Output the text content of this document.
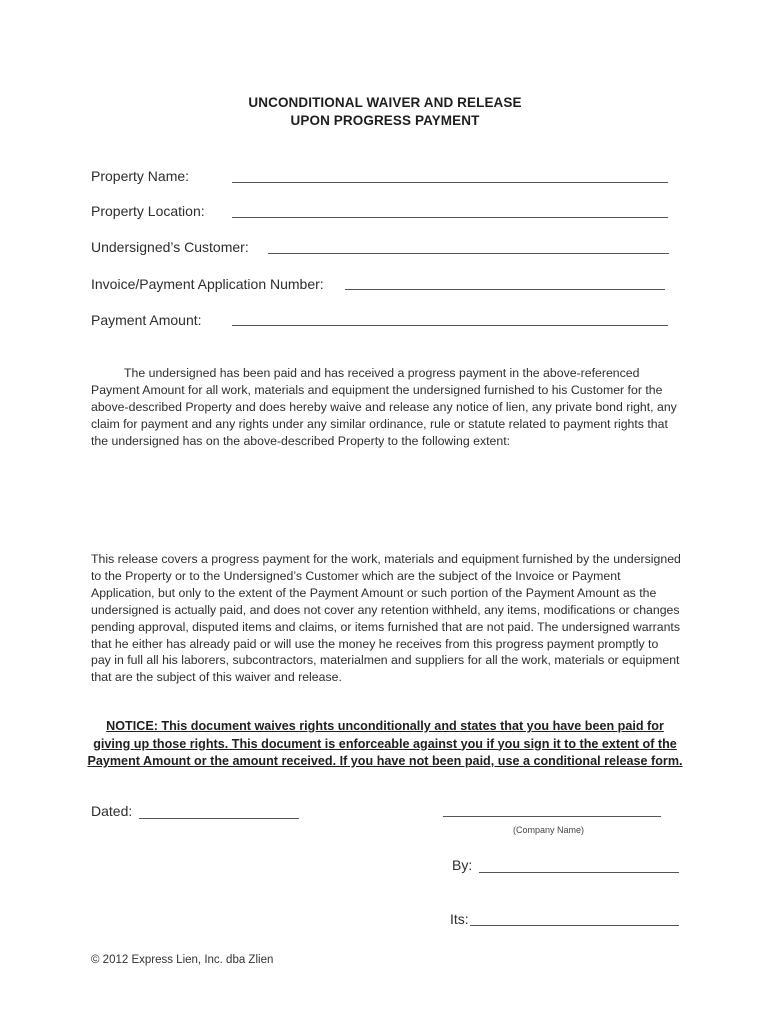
UNCONDITIONAL WAIVER AND RELEASE
UPON PROGRESS PAYMENT
Property Name:
Property Location:
Undersigned’s Customer:
Invoice/Payment Application Number:
Payment Amount:

The undersigned has been paid and has received a progress payment in the above-referenced Payment Amount for all work, materials and equipment the undersigned furnished to his Customer for the above-described Property and does hereby waive and release any notice of lien, any private bond right, any claim for payment and any rights under any similar ordinance, rule or statute related to payment rights that the undersigned has on the above-described Property to the following extent:

This release covers a progress payment for the work, materials and equipment furnished by the undersigned to the Property or to the Undersigned’s Customer which are the subject of the Invoice or Payment Application, but only to the extent of the Payment Amount or such portion of the Payment Amount as the undersigned is actually paid, and does not cover any retention withheld, any items, modifications or changes pending approval, disputed items and claims, or items furnished that are not paid. The undersigned warrants that he either has already paid or will use the money he receives from this progress payment promptly to pay in full all his laborers, subcontractors, materialmen and suppliers for all the work, materials or equipment that are the subject of this waiver and release.

NOTICE: This document waives rights unconditionally and states that you have been paid for giving up those rights. This document is enforceable against you if you sign it to the extent of the Payment Amount or the amount received. If you have not been paid, use a conditional release form.

Dated:
(Company Name)
By:
Its:
© 2012 Express Lien, Inc. dba Zlien
